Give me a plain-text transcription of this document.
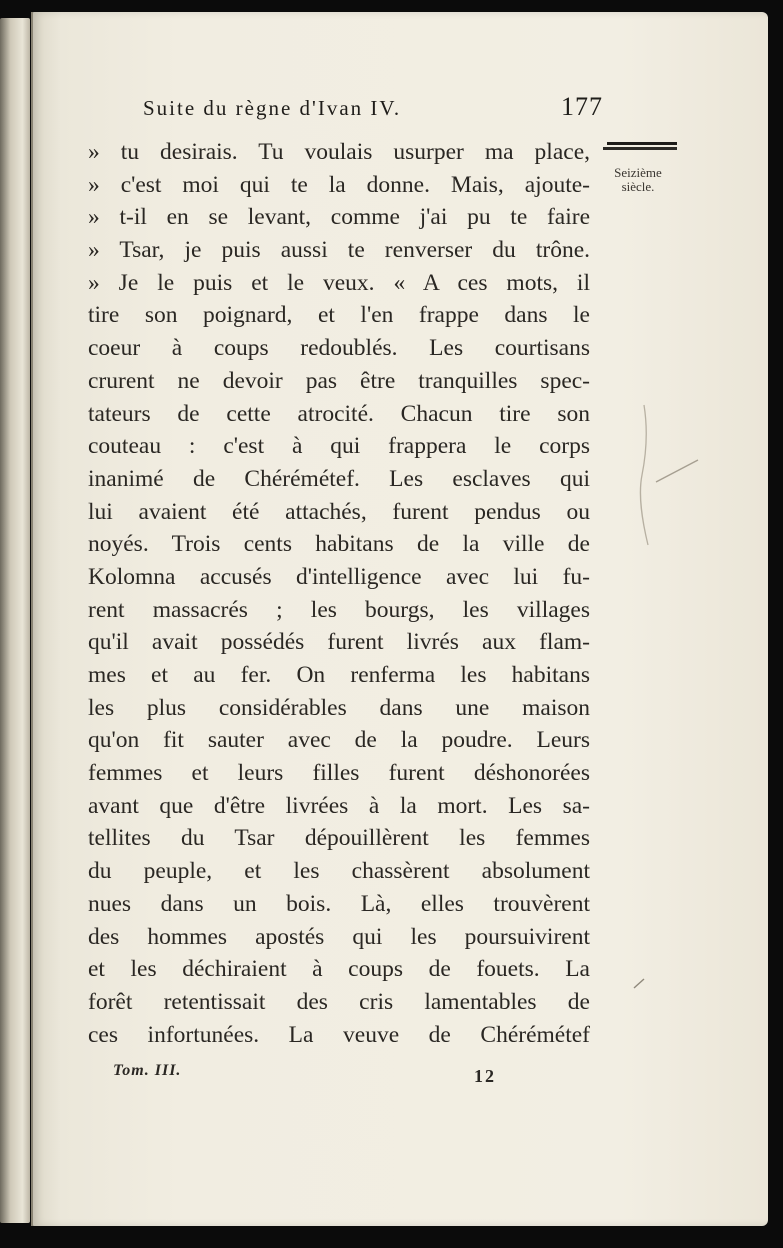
Suite du règne d'Ivan IV.	177
» tu desirais. Tu voulais usurper ma place,
» c'est moi qui te la donne. Mais, ajoute-
» t-il en se levant, comme j'ai pu te faire
» Tsar, je puis aussi te renverser du trône.
» Je le puis et le veux. « A ces mots, il
tire son poignard, et l'en frappe dans le
coeur à coups redoublés. Les courtisans
crurent ne devoir pas être tranquilles spec-
tateurs de cette atrocité. Chacun tire son
couteau : c'est à qui frappera le corps
inanimé de Chérémétef. Les esclaves qui
lui avaient été attachés, furent pendus ou
noyés. Trois cents habitans de la ville de
Kolomna accusés d'intelligence avec lui fu-
rent massacrés ; les bourgs, les villages
qu'il avait possédés furent livrés aux flam-
mes et au fer. On renferma les habitans
les plus considérables dans une maison
qu'on fit sauter avec de la poudre. Leurs
femmes et leurs filles furent déshonorées
avant que d'être livrées à la mort. Les sa-
tellites du Tsar dépouillèrent les femmes
du peuple, et les chassèrent absolument
nues dans un bois. Là, elles trouvèrent
des hommes apostés qui les poursuivirent
et les déchiraient à coups de fouets. La
forêt retentissait des cris lamentables de
ces infortunées. La veuve de Chérémétef
Seizième siècle.
Tom. III.	12
